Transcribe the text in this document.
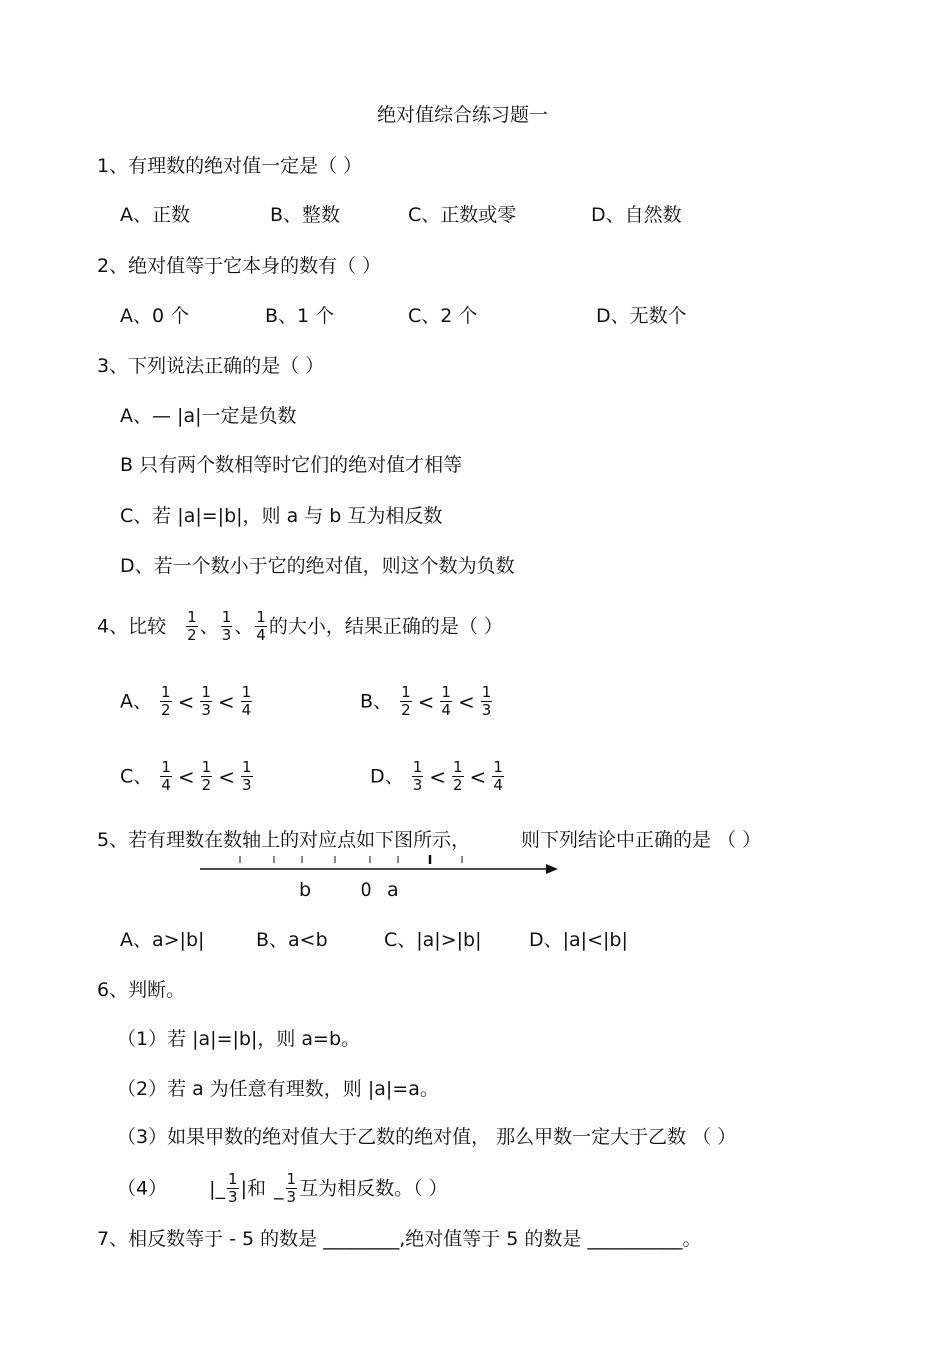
绝对值综合练习题一
1、有理数的绝对值一定是（ ）
A、正数	B、整数	C、正数或零	D、自然数
2、绝对值等于它本身的数有（ ）
A、0 个	B、1 个	C、2 个	D、无数个
3、下列说法正确的是（ ）
A、— |a|一定是负数
B 只有两个数相等时它们的绝对值才相等
C、若 |a|=|b|，则 a 与 b 互为相反数
D、若一个数小于它的绝对值，则这个数为负数
4、比较 $\frac{1}{2}$ 、 $\frac{1}{3}$ 、 $\frac{1}{4}$ 的大小，结果正确的是（ ）
A、 $\frac{1}{2} < \frac{1}{3} < \frac{1}{4}$	B、 $\frac{1}{2} < \frac{1}{4} < \frac{1}{3}$
C、 $\frac{1}{4} < \frac{1}{2} < \frac{1}{3}$	D、 $\frac{1}{3} < \frac{1}{2} < \frac{1}{4}$
5、若有理数在数轴上的对应点如下图所示，	则下列结论中正确的是 （ ）
b	0 a
A、a>|b|	B、a<b	C、|a|>|b|	D、|a|<|b|
6、判断。
（1）若 |a|=|b|，则 a=b。
（2）若 a 为任意有理数，则 |a|=a。
（3）如果甲数的绝对值大于乙数的绝对值， 那么甲数一定大于乙数 （ ）
（4） |_ $\frac{1}{3}$ |和 _ $\frac{1}{3}$ 互为相反数。（ ）
7、相反数等于 - 5 的数是 ________,绝对值等于 5 的数是 __________。
